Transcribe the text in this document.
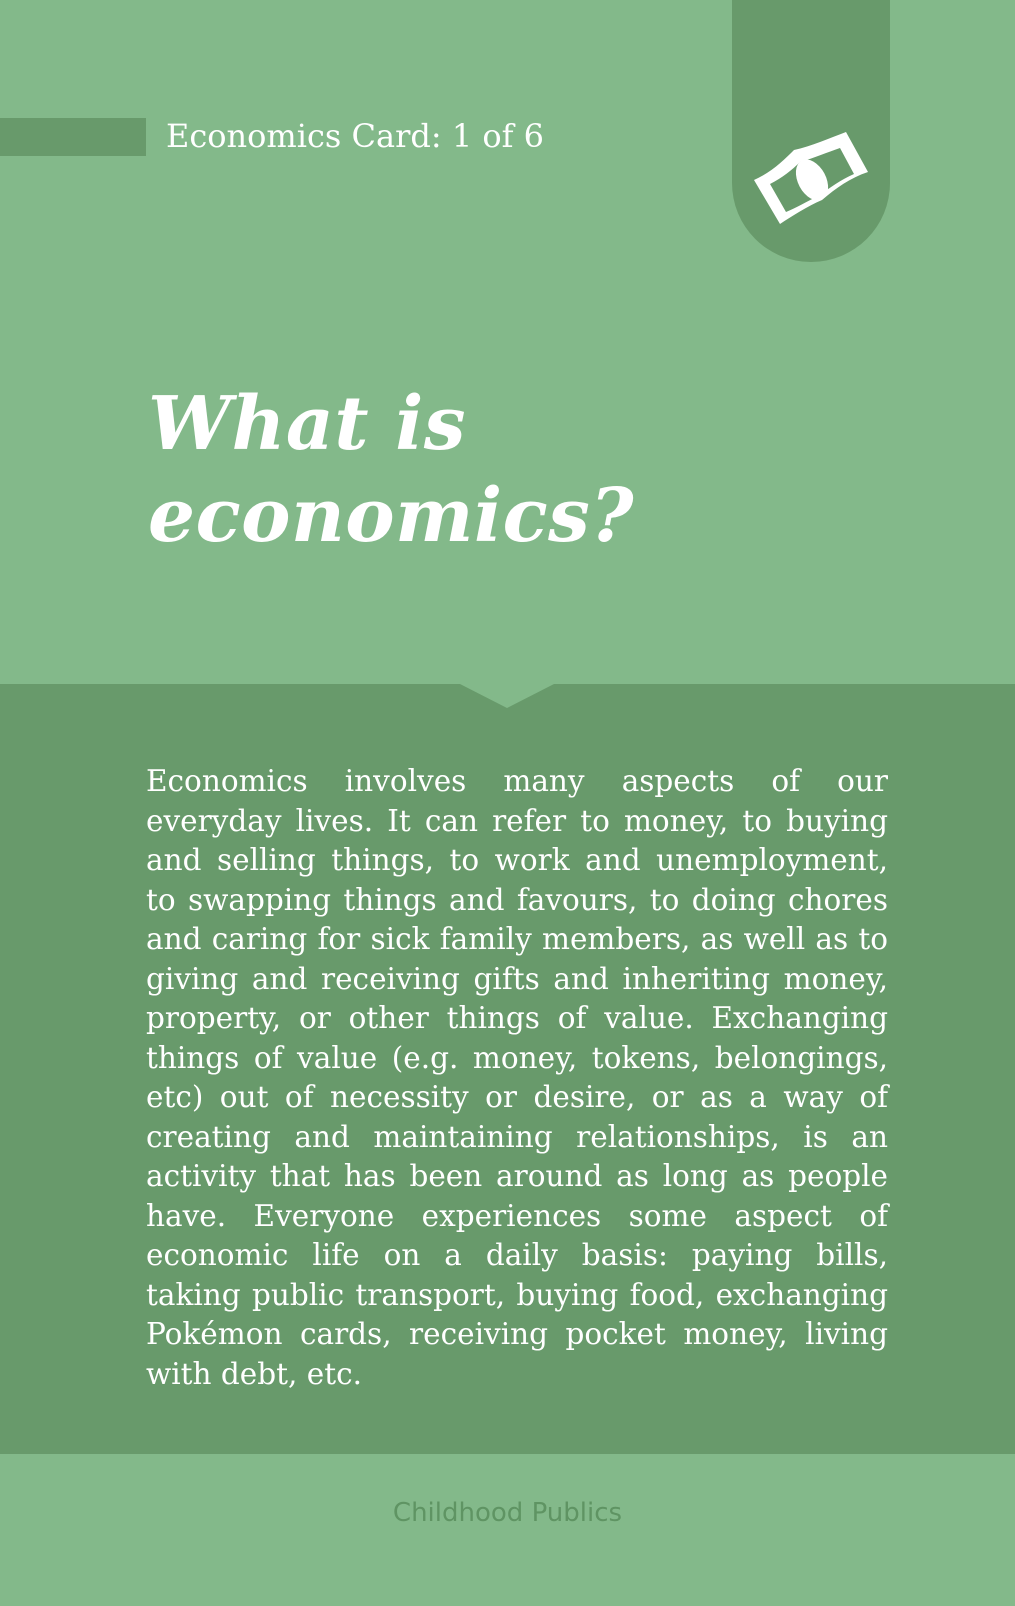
Economics Card: 1 of 6
What is
economics?

Economics involves many aspects of our everyday lives. It can refer to money, to buying and selling things, to work and unemployment, to swapping things and favours, to doing chores and caring for sick family members, as well as to giving and receiving gifts and inheriting money, property, or other things of value. Exchanging things of value (e.g. money, tokens, belongings, etc) out of necessity or desire, or as a way of creating and maintaining relationships, is an activity that has been around as long as people have. Everyone experiences some aspect of economic life on a daily basis: paying bills, taking public transport, buying food, exchanging Pokémon cards, receiving pocket money, living with debt, etc.

Childhood Publics
